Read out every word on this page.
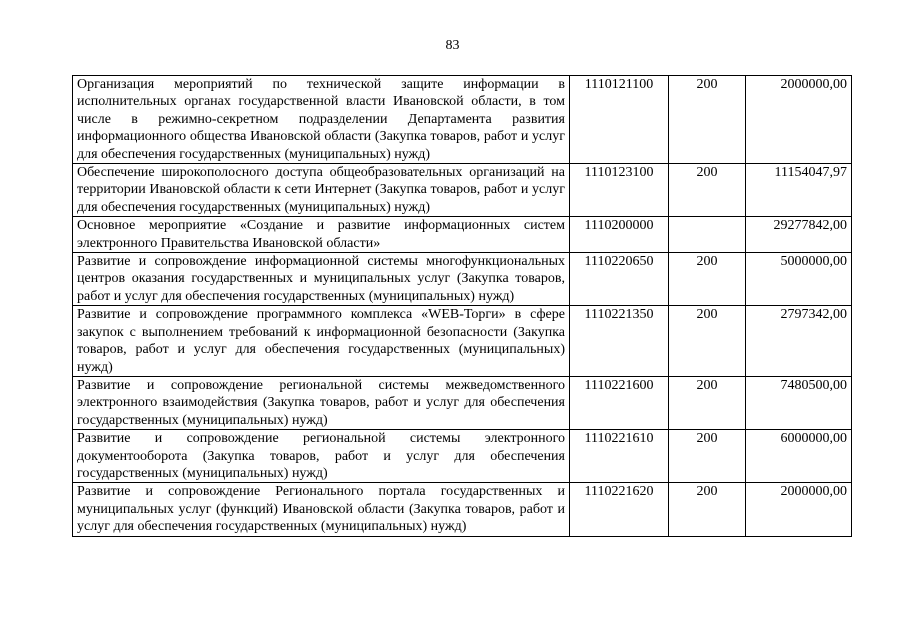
83
Организация мероприятий по технической защите информации в исполнительных органах государственной власти Ивановской области, в том числе в режимно-секретном подразделении Департамента развития информационного общества Ивановской области (Закупка товаров, работ и услуг для обеспечения государственных (муниципальных) нужд)	1110121100	200	2000000,00
Обеспечение широкополосного доступа общеобразовательных организаций на территории Ивановской области к сети Интернет (Закупка товаров, работ и услуг для обеспечения государственных (муниципальных) нужд)	1110123100	200	11154047,97
Основное мероприятие «Создание и развитие информационных систем электронного Правительства Ивановской области»	1110200000		29277842,00
Развитие и сопровождение информационной системы многофункциональных центров оказания государственных и муниципальных услуг (Закупка товаров, работ и услуг для обеспечения государственных (муниципальных) нужд)	1110220650	200	5000000,00
Развитие и сопровождение программного комплекса «WEB-Торги» в сфере закупок с выполнением требований к информационной безопасности (Закупка товаров, работ и услуг для обеспечения государственных (муниципальных) нужд)	1110221350	200	2797342,00
Развитие и сопровождение региональной системы межведомственного электронного взаимодействия (Закупка товаров, работ и услуг для обеспечения государственных (муниципальных) нужд)	1110221600	200	7480500,00
Развитие и сопровождение региональной системы электронного документооборота (Закупка товаров, работ и услуг для обеспечения государственных (муниципальных) нужд)	1110221610	200	6000000,00
Развитие и сопровождение Регионального портала государственных и муниципальных услуг (функций) Ивановской области (Закупка товаров, работ и услуг для обеспечения государственных (муниципальных) нужд)	1110221620	200	2000000,00
